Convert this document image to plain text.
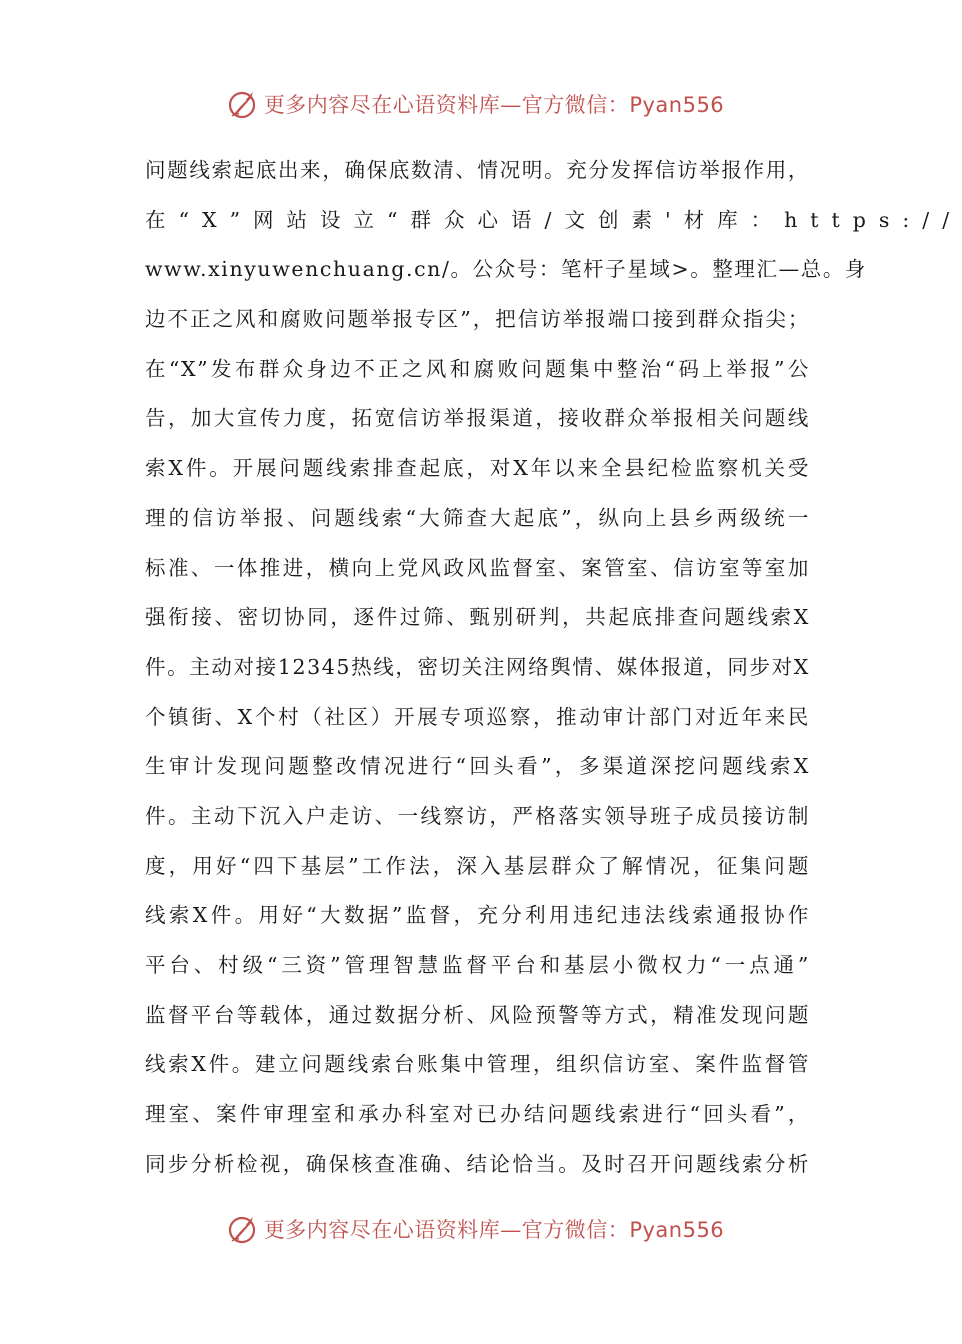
更多内容尽在心语资料库—官方微信：Pyan556
问题线索起底出来，确保底数清、情况明。充分发挥信访举报作用，
在“X”网站设立“群众心语/文创素'材库：https://
www.xinyuwenchuang.cn/。公众号：笔杆子星域>。整理汇—总。身
边不正之风和腐败问题举报专区”，把信访举报端口接到群众指尖；
在“X”发布群众身边不正之风和腐败问题集中整治“码上举报”公
告，加大宣传力度，拓宽信访举报渠道，接收群众举报相关问题线
索X件。开展问题线索排查起底，对X年以来全县纪检监察机关受
理的信访举报、问题线索“大筛查大起底”，纵向上县乡两级统一
标准、一体推进，横向上党风政风监督室、案管室、信访室等室加
强衔接、密切协同，逐件过筛、甄别研判，共起底排查问题线索X
件。主动对接12345热线，密切关注网络舆情、媒体报道，同步对X
个镇街、X个村（社区）开展专项巡察，推动审计部门对近年来民
生审计发现问题整改情况进行“回头看”，多渠道深挖问题线索X
件。主动下沉入户走访、一线察访，严格落实领导班子成员接访制
度，用好“四下基层”工作法，深入基层群众了解情况，征集问题
线索X件。用好“大数据”监督，充分利用违纪违法线索通报协作
平台、村级“三资”管理智慧监督平台和基层小微权力“一点通”
监督平台等载体，通过数据分析、风险预警等方式，精准发现问题
线索X件。建立问题线索台账集中管理，组织信访室、案件监督管
理室、案件审理室和承办科室对已办结问题线索进行“回头看”，
同步分析检视，确保核查准确、结论恰当。及时召开问题线索分析
更多内容尽在心语资料库—官方微信：Pyan556
